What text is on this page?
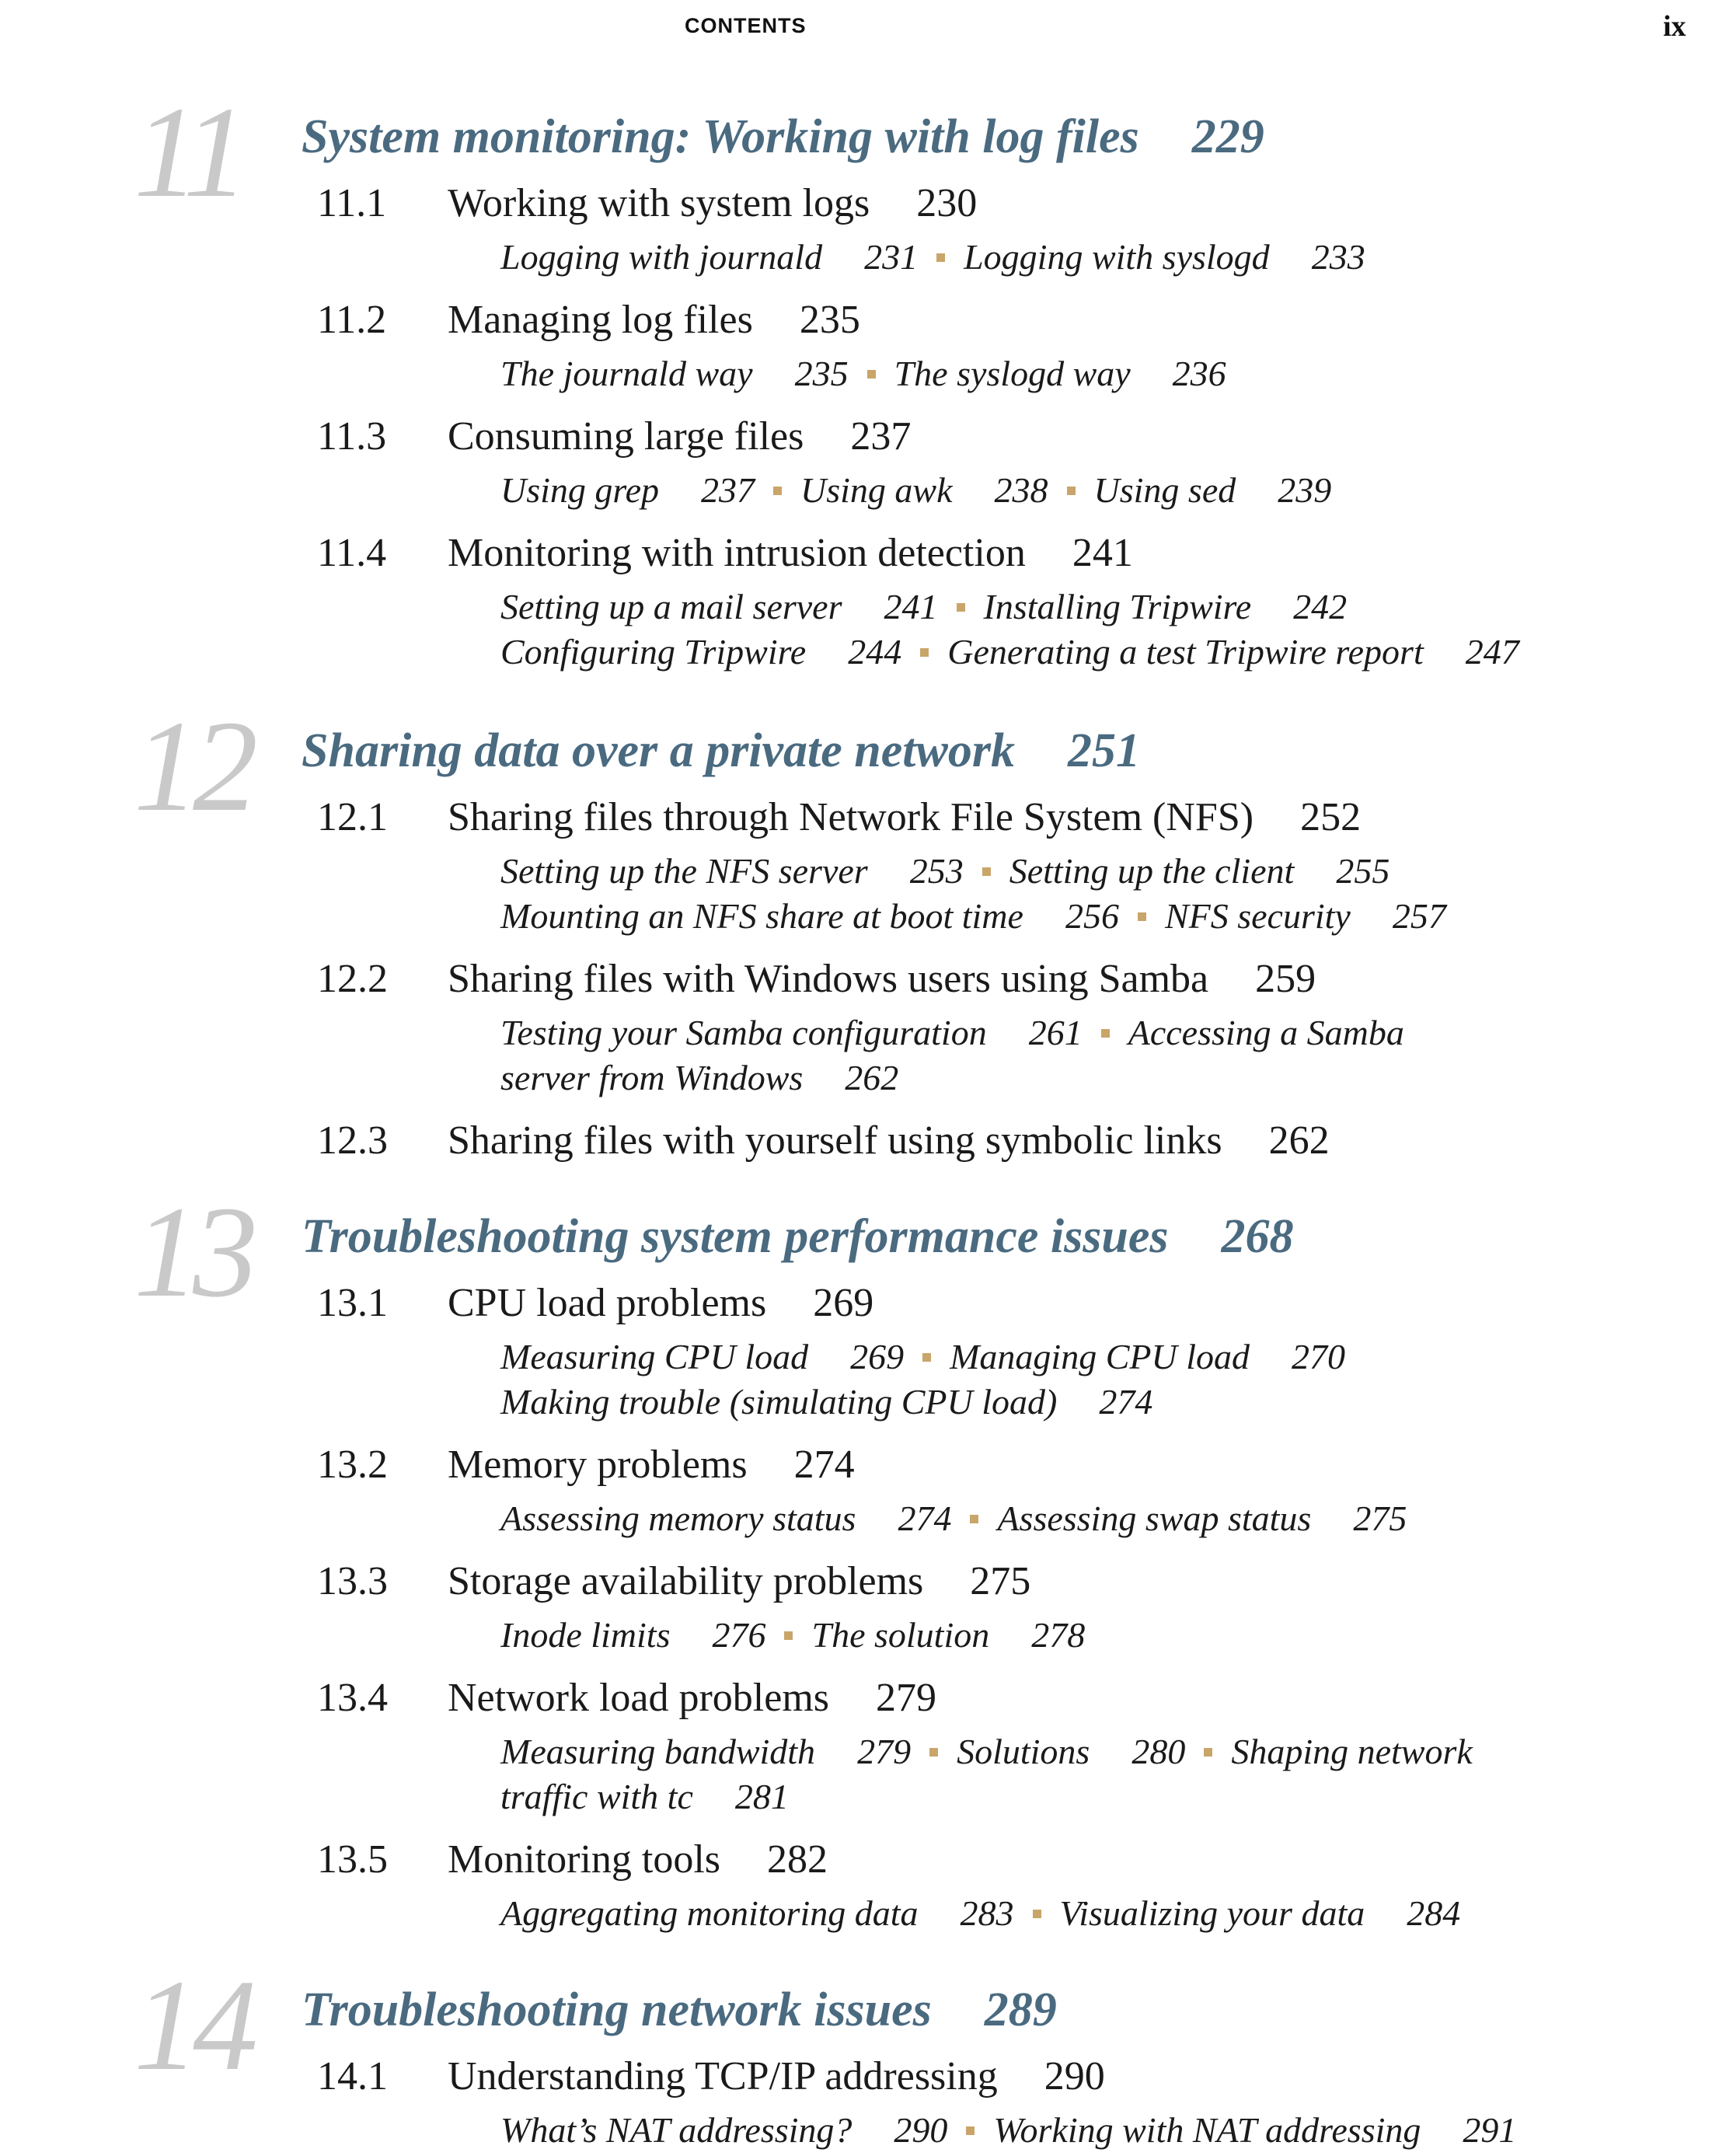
CONTENTS	ix
11 System monitoring: Working with log files 229
11.1 Working with system logs 230
Logging with journald 231 Logging with syslogd 233
11.2 Managing log files 235
The journald way 235 The syslogd way 236
11.3 Consuming large files 237
Using grep 237 Using awk 238 Using sed 239
11.4 Monitoring with intrusion detection 241
Setting up a mail server 241 Installing Tripwire 242
Configuring Tripwire 244 Generating a test Tripwire report 247
12 Sharing data over a private network 251
12.1 Sharing files through Network File System (NFS) 252
Setting up the NFS server 253 Setting up the client 255
Mounting an NFS share at boot time 256 NFS security 257
12.2 Sharing files with Windows users using Samba 259
Testing your Samba configuration 261 Accessing a Samba
server from Windows 262
12.3 Sharing files with yourself using symbolic links 262
13 Troubleshooting system performance issues 268
13.1 CPU load problems 269
Measuring CPU load 269 Managing CPU load 270
Making trouble (simulating CPU load) 274
13.2 Memory problems 274
Assessing memory status 274 Assessing swap status 275
13.3 Storage availability problems 275
Inode limits 276 The solution 278
13.4 Network load problems 279
Measuring bandwidth 279 Solutions 280 Shaping network
traffic with tc 281
13.5 Monitoring tools 282
Aggregating monitoring data 283 Visualizing your data 284
14 Troubleshooting network issues 289
14.1 Understanding TCP/IP addressing 290
What’s NAT addressing? 290 Working with NAT addressing 291
